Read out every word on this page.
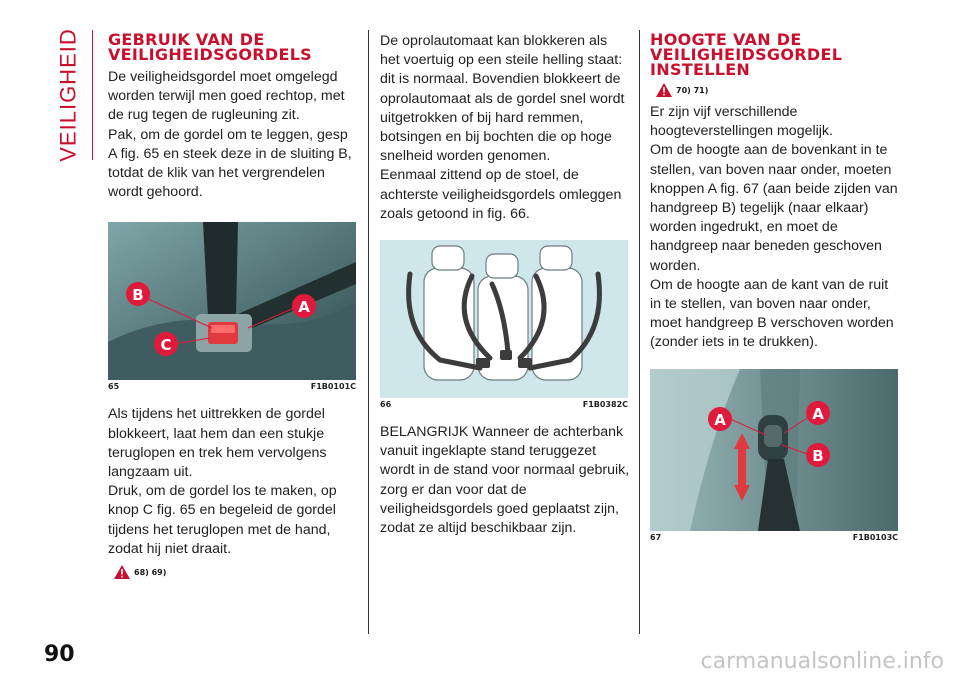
VEILIGHEID GEBRUIK VAN DE VEILIGHEIDSGORDELS

De veiligheidsgordel moet omgelegd worden terwijl men goed rechtop, met de rug tegen de rugleuning zit.

Pak, om de gordel om te leggen, gesp A fig. 65 en steek deze in de sluiting B, totdat de klik van het vergrendelen wordt gehoord.

B
C
A
65	F1B0101C

Als tijdens het uittrekken de gordel blokkeert, laat hem dan een stukje teruglopen en trek hem vervolgens langzaam uit.

Druk, om de gordel los te maken, op knop C fig. 65 en begeleid de gordel tijdens het teruglopen met de hand, zodat hij niet draait.

68) 69)

De oprolautomaat kan blokkeren als het voertuig op een steile helling staat: dit is normaal. Bovendien blokkeert de oprolautomaat als de gordel snel wordt uitgetrokken of bij hard remmen, botsingen en bij bochten die op hoge snelheid worden genomen.

Eenmaal zittend op de stoel, de achterste veiligheidsgordels omleggen zoals getoond in fig. 66.

66	F1B0382C

BELANGRIJK Wanneer de achterbank vanuit ingeklapte stand teruggezet wordt in de stand voor normaal gebruik, zorg er dan voor dat de veiligheidsgordels goed geplaatst zijn, zodat ze altijd beschikbaar zijn.

HOOGTE VAN DE VEILIGHEIDSGORDEL INSTELLEN
70) 71)

Er zijn vijf verschillende hoogteverstellingen mogelijk.

Om de hoogte aan de bovenkant in te stellen, van boven naar onder, moeten knoppen A fig. 67 (aan beide zijden van handgreep B) tegelijk (naar elkaar) worden ingedrukt, en moet de handgreep naar beneden geschoven worden.

Om de hoogte aan de kant van de ruit in te stellen, van boven naar onder, moet handgreep B verschoven worden (zonder iets in te drukken).

A	A
B
67	F1B0103C
90	carmanualsonline.info
